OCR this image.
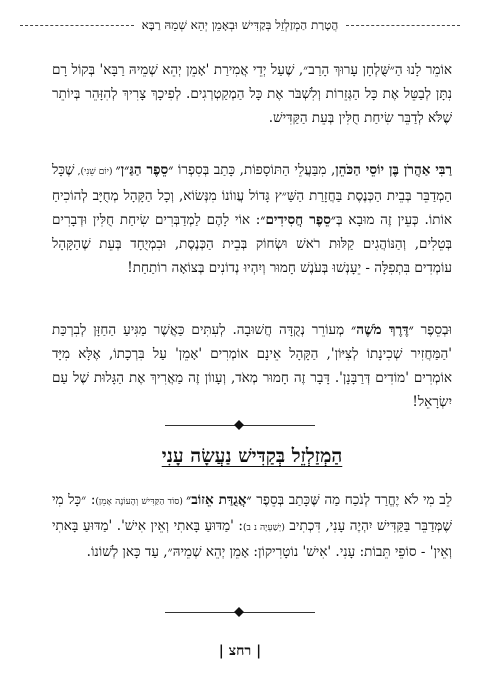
הֲטָרַת הַמְזַלְזֵל בְּקַדִּישׁ וּבְאָמֵן יְהֵא שְׁמֵהּ רַבָּא

אוֹמֵר לָנוּ הַ״שֻּׁלְחָן עָרוּךְ הָרַב״, שֶׁעַל יְדֵי אֲמִירַת 'אָמֵן יְהֵא שְׁמֵיהּ רַבָּא' בְּקוֹל רָם נִתָּן לְבַטֵּל אֶת כָּל הַגְּזֵרוֹת וְלִשְׁבֹּר אֶת כָּל הַמְקַטְרְגִים. לְפִיכָךְ צָרִיךְ לְהִזָּהֵר בְּיוֹתֵר שֶׁלֹּא לְדַבֵּר שִׂיחַת חֻלִּין בְּעֵת הַקַּדִּישׁ.

רַבִּי אַהֲרֹן בֶּן יוֹסֵי הַכֹּהֵן, מִבַּעֲלֵי הַתּוֹסָפוֹת, כָּתַב בְּסִפְרוֹ ״סֵפֶר הַגַּ״ן״ (יוֹם שֵׁנִי), שֶׁכָּל הַמְדַבֵּר בְּבֵית הַכְּנֶסֶת בַּחֲזָרַת הַשַּׁ״ץ גָּדוֹל עֲווֹנוֹ מִנְּשׂוֹא, וְכָל הַקָּהָל מְחֻיָּב לְהוֹכִיחַ אוֹתוֹ. כְּעֵין זֶה מוּבָא בְּ״סֵפֶר חֲסִידִים״: אוֹי לָהֶם לַמְדַבְּרִים שִׂיחַת חֻלִּין וּדְבָרִים בְּטֵלִים, וְהַנּוֹהֲגִים קַלּוּת רֹאשׁ וּשְׂחוֹק בְּבֵית הַכְּנֶסֶת, וּבִמְיֻחָד בְּעֵת שֶׁהַקָּהָל עוֹמְדִים בִּתְפִלָּה - יֵעָנְשׁוּ בְּעֹנֶשׁ חָמוּר וְיִהְיוּ נְדוֹנִים בְּצוֹאָה רוֹתַחַת!

וּבְסֵפֶר ״דֶּרֶךְ מֹשֶׁה״ מְעוֹרֵר נְקֻדָּה חֲשׁוּבָה. לְעִתִּים כַּאֲשֶׁר מַגִּיעַ הַחַזָּן לְבִרְכַּת 'הַמַּחֲזִיר שְׁכִינָתוֹ לְצִיּוֹן', הַקָּהָל אֵינָם אוֹמְרִים 'אָמֵן' עַל בִּרְכָתוֹ, אֶלָּא מִיָּד אוֹמְרִים 'מוֹדִים דְּרַבָּנָן'. דָּבָר זֶה חָמוּר מְאֹד, וְעָווֹן זֶה מַאֲרִיךְ אֶת הַגָּלוּת שֶׁל עַם יִשְׂרָאֵל!

הַמְזַלְזֵל בְּקַדִּישׁ נַעֲשָׂה עָנִי

לֵב מִי לֹא יֶחֱרַד לְנֹכַח מַה שֶּׁכָּתַב בְּסֵפֶר ״אֲגֻדַּת אֵזוֹב״ (סוֹד הַקַּדִּישׁ וְהָעוֹנֶה אָמֵן): ״כָּל מִי שֶׁמְּדַבֵּר בַּקַּדִּישׁ יִהְיֶה עָנִי, דִּכְתִיב (יְשַׁעְיָה נ ב): 'מַדּוּעַ בָּאתִי וְאֵין אִישׁ'. 'מַדּוּעַ בָּאתִי וְאֵין' - סוֹפֵי תֵּבוֹת: עָנִי. 'אִישׁ' נוֹטָרִיקוֹן: אָמֵן יְהֵא שְׁמֵיהּ״, עַד כָּאן לְשׁוֹנוֹ.

| רחצ |
